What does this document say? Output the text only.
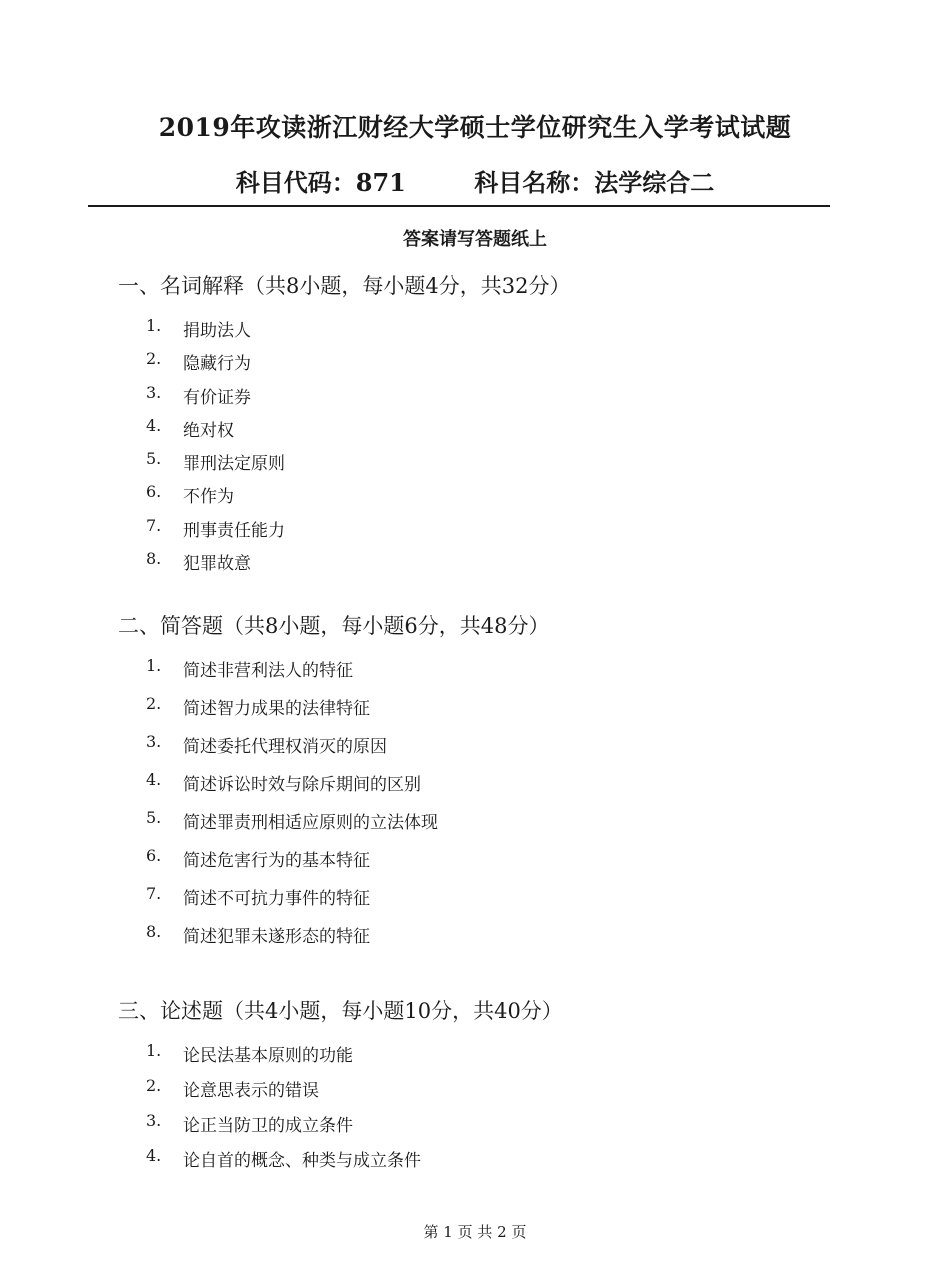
2019年攻读浙江财经大学硕士学位研究生入学考试试题
科目代码：871	科目名称：法学综合二
答案请写答题纸上
一、名词解释（共8小题，每小题4分，共32分）
1.	捐助法人
2.	隐藏行为
3.	有价证券
4.	绝对权
5.	罪刑法定原则
6.	不作为
7.	刑事责任能力
8.	犯罪故意
二、简答题（共8小题，每小题6分，共48分）
1.	简述非营利法人的特征
2.	简述智力成果的法律特征
3.	简述委托代理权消灭的原因
4.	简述诉讼时效与除斥期间的区别
5.	简述罪责刑相适应原则的立法体现
6.	简述危害行为的基本特征
7.	简述不可抗力事件的特征
8.	简述犯罪未遂形态的特征
三、论述题（共4小题，每小题10分，共40分）
1.	论民法基本原则的功能
2.	论意思表示的错误
3.	论正当防卫的成立条件
4.	论自首的概念、种类与成立条件
第 1 页 共 2 页
